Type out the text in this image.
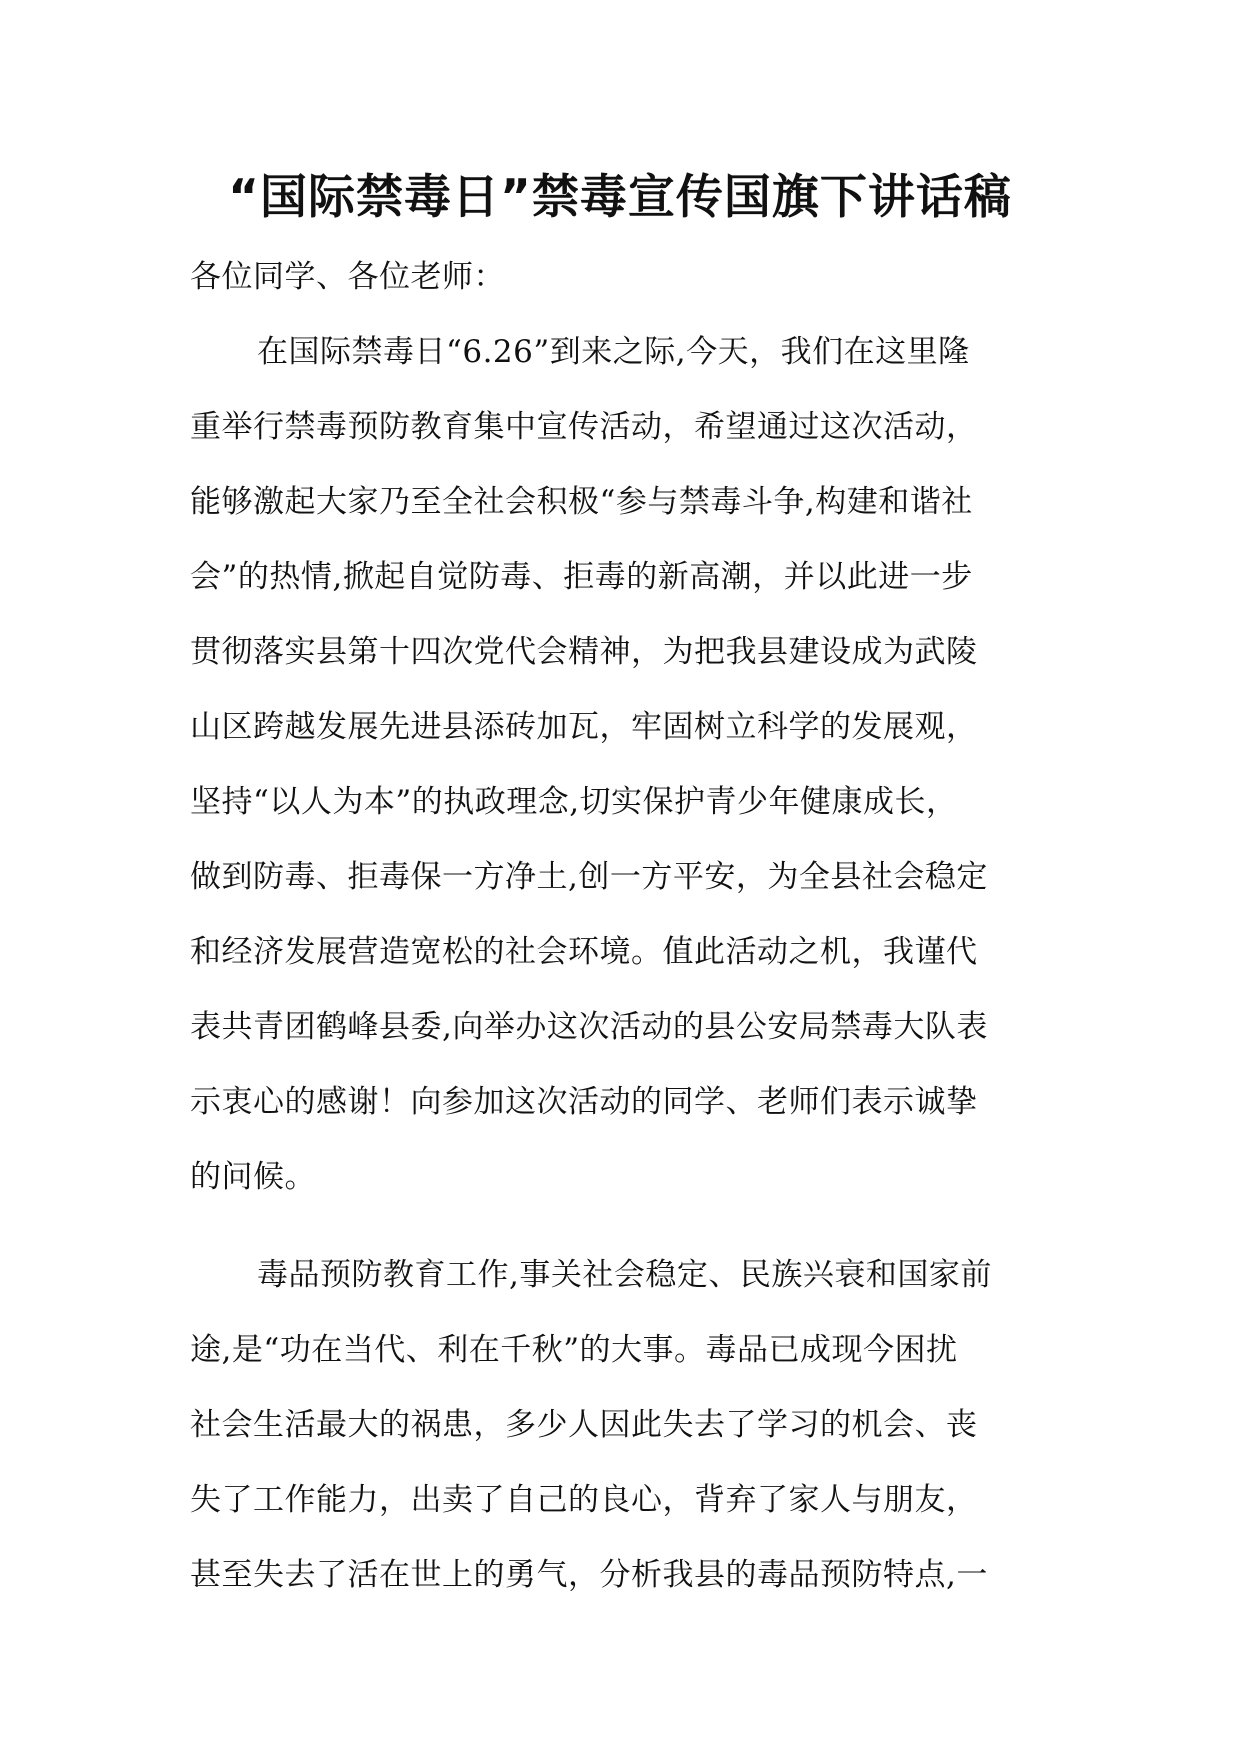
“国际禁毒日”禁毒宣传国旗下讲话稿
各位同学、各位老师：
在国际禁毒日“6.26”到来之际,今天，我们在这里隆
重举行禁毒预防教育集中宣传活动，希望通过这次活动，
能够激起大家乃至全社会积极“参与禁毒斗争,构建和谐社
会”的热情,掀起自觉防毒、拒毒的新高潮，并以此进一步
贯彻落实县第十四次党代会精神，为把我县建设成为武陵
山区跨越发展先进县添砖加瓦，牢固树立科学的发展观，
坚持“以人为本”的执政理念,切实保护青少年健康成长，
做到防毒、拒毒保一方净土,创一方平安，为全县社会稳定
和经济发展营造宽松的社会环境。值此活动之机，我谨代
表共青团鹤峰县委,向举办这次活动的县公安局禁毒大队表
示衷心的感谢！向参加这次活动的同学、老师们表示诚挚
的问候。
毒品预防教育工作,事关社会稳定、民族兴衰和国家前
途,是“功在当代、利在千秋”的大事。毒品已成现今困扰
社会生活最大的祸患，多少人因此失去了学习的机会、丧
失了工作能力，出卖了自己的良心，背弃了家人与朋友，
甚至失去了活在世上的勇气，分析我县的毒品预防特点,一
